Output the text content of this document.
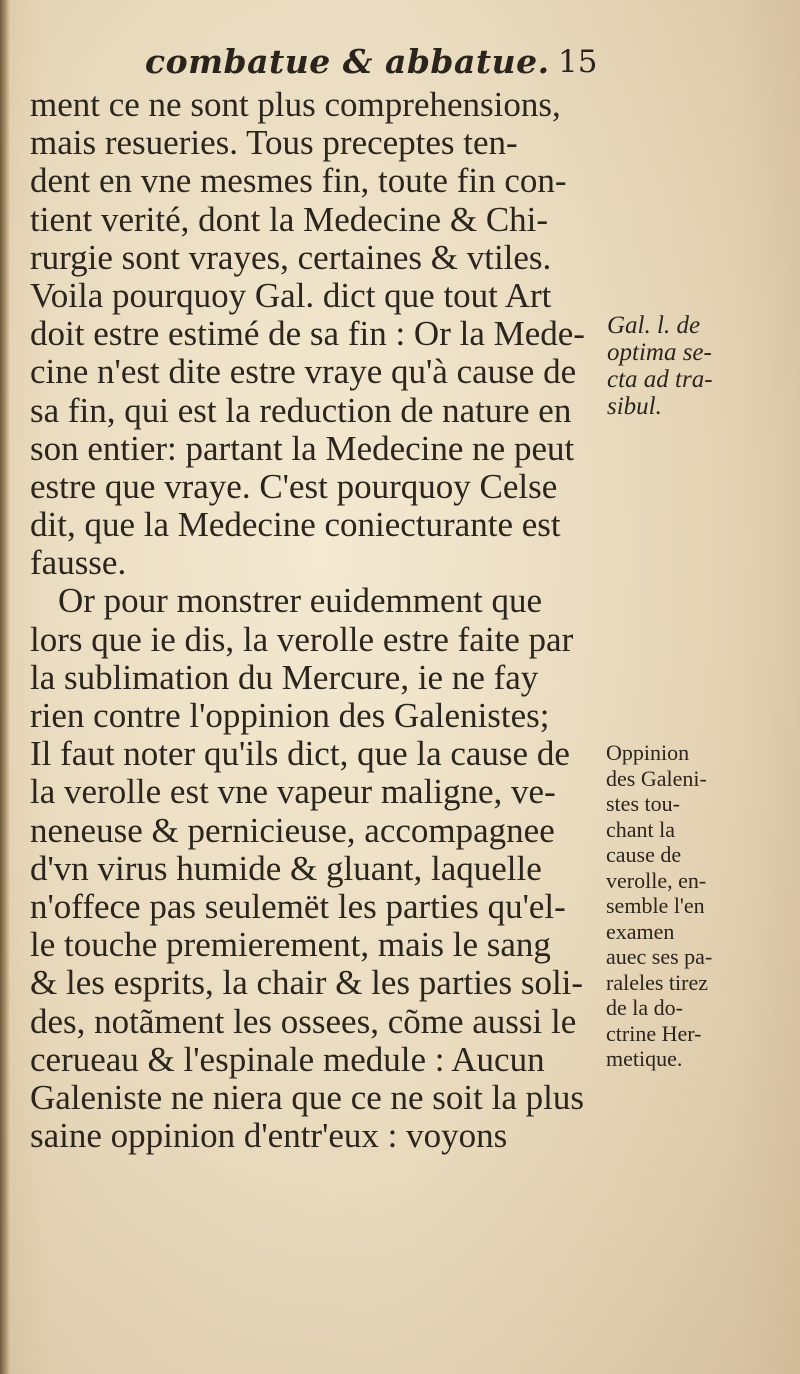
combatue & abbatue. 15
ment ce ne sont plus comprehensions,
mais resueries. Tous preceptes ten-
dent en vne mesmes fin, toute fin con-
tient verité, dont la Medecine & Chi-
rurgie sont vrayes, certaines & vtiles.
Voila pourquoy Gal. dict que tout Art
doit estre estimé de sa fin : Or la Mede-
cine n'est dite estre vraye qu'à cause de
sa fin, qui est la reduction de nature en
son entier: partant la Medecine ne peut
estre que vraye. C'est pourquoy Celse
dit, que la Medecine coniecturante est
fausse.
Or pour monstrer euidemment que
lors que ie dis, la verolle estre faite par
la sublimation du Mercure, ie ne fay
rien contre l'oppinion des Galenistes;
Il faut noter qu'ils dict, que la cause de
la verolle est vne vapeur maligne, ve-
neneuse & pernicieuse, accompagnee
d'vn virus humide & gluant, laquelle
n'offece pas seulemët les parties qu'el-
le touche premierement, mais le sang
& les esprits, la chair & les parties soli-
des, notãment les ossees, cõme aussi le
cerueau & l'espinale medule : Aucun
Galeniste ne niera que ce ne soit la plus
saine oppinion d'entr'eux : voyons
Gal. l. de
optima se-
cta ad tra-
sibul.
Oppinion
des Galeni-
stes tou-
chant la
cause de
verolle, en-
semble l'en
examen
auec ses pa-
raleles tirez
de la do-
ctrine Her-
metique.
